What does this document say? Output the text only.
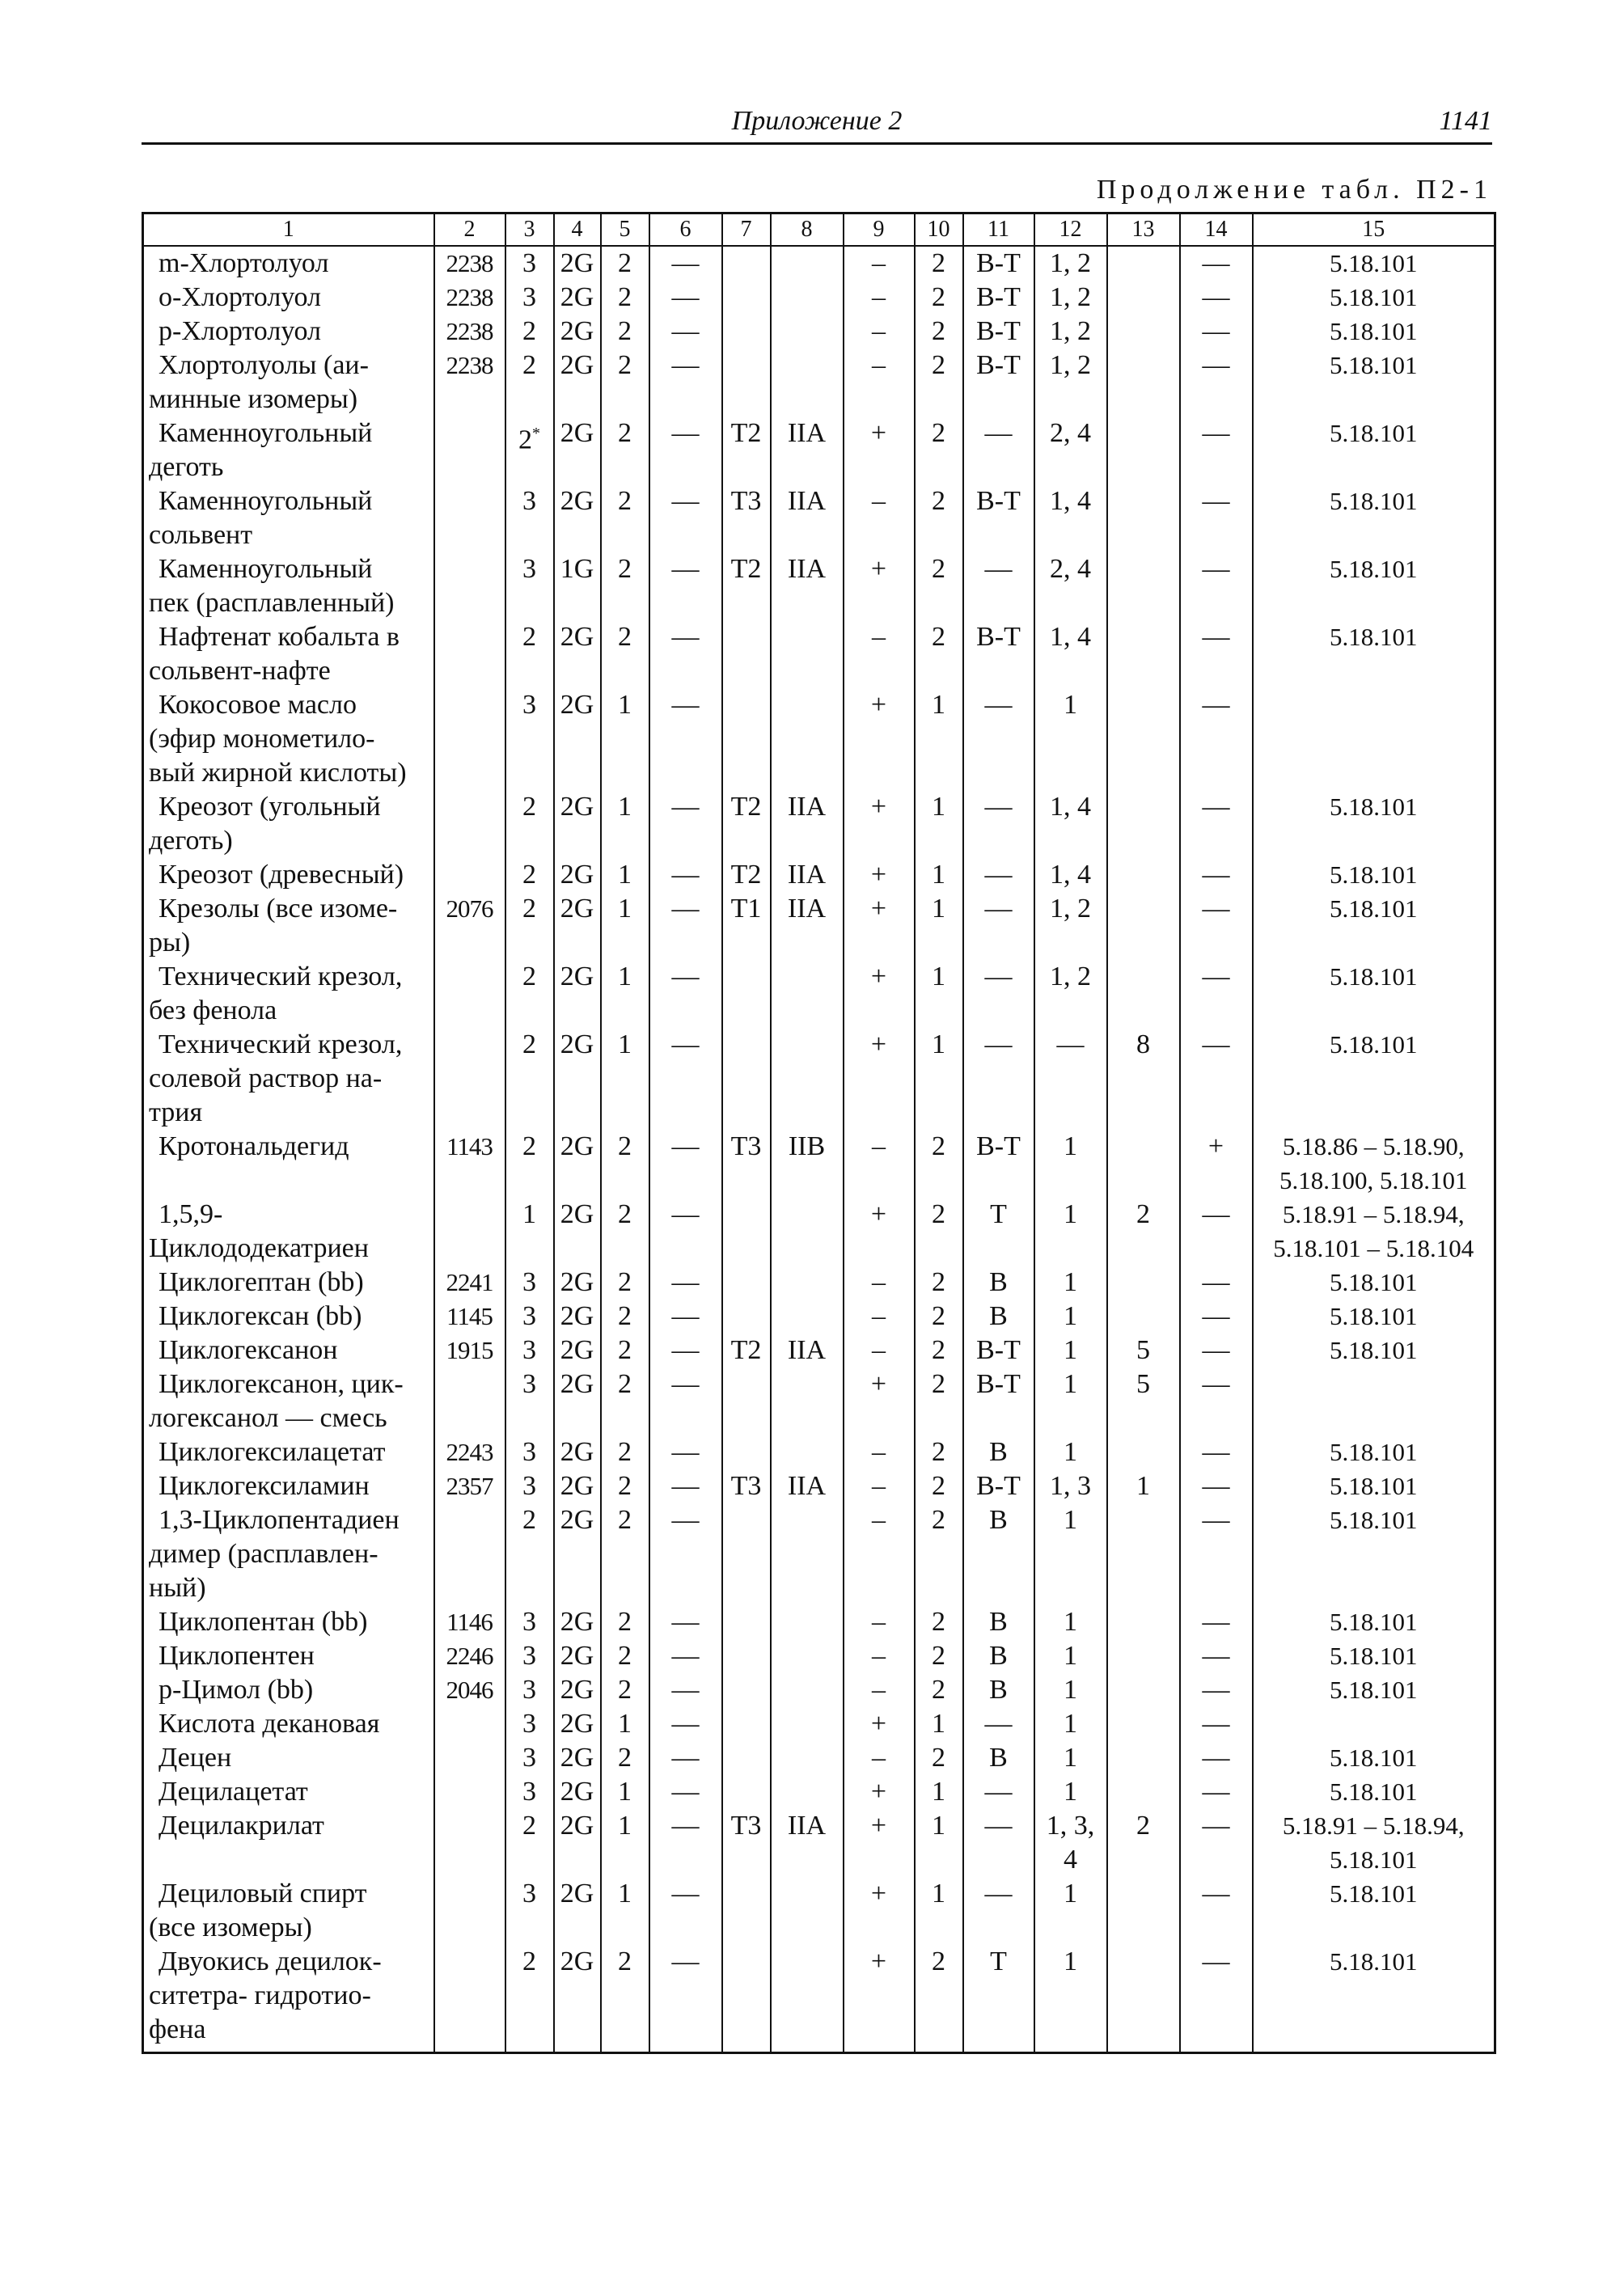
Приложение 2	1141
Продолжение табл. П2-1
1	2	3	4	5	6	7	8	9	10	11	12	13	14	15

m-Хлортолуол	2238	3	2G	2	—			–	2	В-Т	1, 2		—	5.18.101

o-Хлортолуол	2238	3	2G	2	—			–	2	В-Т	1, 2		—	5.18.101

р-Хлортолуол	2238	2	2G	2	—			–	2	В-Т	1, 2		—	5.18.101

Хлортолуолы (аи-
минные изомеры)	2238	2	2G	2	—			–	2	В-Т	1, 2		—	5.18.101

Каменноугольный
деготь		2*	2G	2	—	Т2	IIA	+	2	—	2, 4		—	5.18.101

Каменноугольный
сольвент		3	2G	2	—	Т3	IIA	–	2	В-Т	1, 4		—	5.18.101

Каменноугольный
пек (расплавленный)		3	1G	2	—	Т2	IIA	+	2	—	2, 4		—	5.18.101

Нафтенат кобальта в
сольвент-нафте		2	2G	2	—			–	2	В-Т	1, 4		—	5.18.101

Кокосовое масло
(эфир монометило-
вый жирной кислоты)		3	2G	1	—			+	1	—	1		—	

Креозот (угольный
деготь)		2	2G	1	—	Т2	IIA	+	1	—	1, 4		—	5.18.101

Креозот (древесный)		2	2G	1	—	Т2	IIA	+	1	—	1, 4		—	5.18.101

Крезолы (все изоме-
ры)	2076	2	2G	1	—	Т1	IIA	+	1	—	1, 2		—	5.18.101

Технический крезол,
без фенола		2	2G	1	—			+	1	—	1, 2		—	5.18.101

Технический крезол,
солевой раствор на-
трия		2	2G	1	—			+	1	—	—	8	—	5.18.101

Кротональдегид	1143	2	2G	2	—	Т3	IIB	–	2	В-Т	1		+	5.18.86 – 5.18.90,
5.18.100, 5.18.101

1,5,9-
Циклододекатриен		1	2G	2	—			+	2	Т	1	2	—	5.18.91 – 5.18.94,
5.18.101 – 5.18.104

Циклогептан (bb)	2241	3	2G	2	—			–	2	В	1		—	5.18.101

Циклогексан (bb)	1145	3	2G	2	—			–	2	В	1		—	5.18.101

Циклогексанон	1915	3	2G	2	—	Т2	IIA	–	2	В-Т	1	5	—	5.18.101

Циклогексанон, цик-
логексанол — смесь		3	2G	2	—			+	2	В-Т	1	5	—	

Циклогексилацетат	2243	3	2G	2	—			–	2	В	1		—	5.18.101

Циклогексиламин	2357	3	2G	2	—	Т3	IIA	–	2	В-Т	1, 3	1	—	5.18.101

1,3-Циклопентадиен
димер (расплавлен-
ный)		2	2G	2	—			–	2	В	1		—	5.18.101

Циклопентан (bb)	1146	3	2G	2	—			–	2	В	1		—	5.18.101

Циклопентен	2246	3	2G	2	—			–	2	В	1		—	5.18.101

р-Цимол (bb)	2046	3	2G	2	—			–	2	В	1		—	5.18.101

Кислота декановая		3	2G	1	—			+	1	—	1		—	

Децен		3	2G	2	—			–	2	В	1		—	5.18.101

Децилацетат		3	2G	1	—			+	1	—	1		—	5.18.101

Децилакрилат		2	2G	1	—	Т3	IIA	+	1	—	1, 3,
4	2	—	5.18.91 – 5.18.94,
5.18.101

Дециловый спирт
(все изомеры)		3	2G	1	—			+	1	—	1		—	5.18.101

Двуокись децилок-
ситетра- гидротио-
фена		2	2G	2	—			+	2	Т	1		—	5.18.101
